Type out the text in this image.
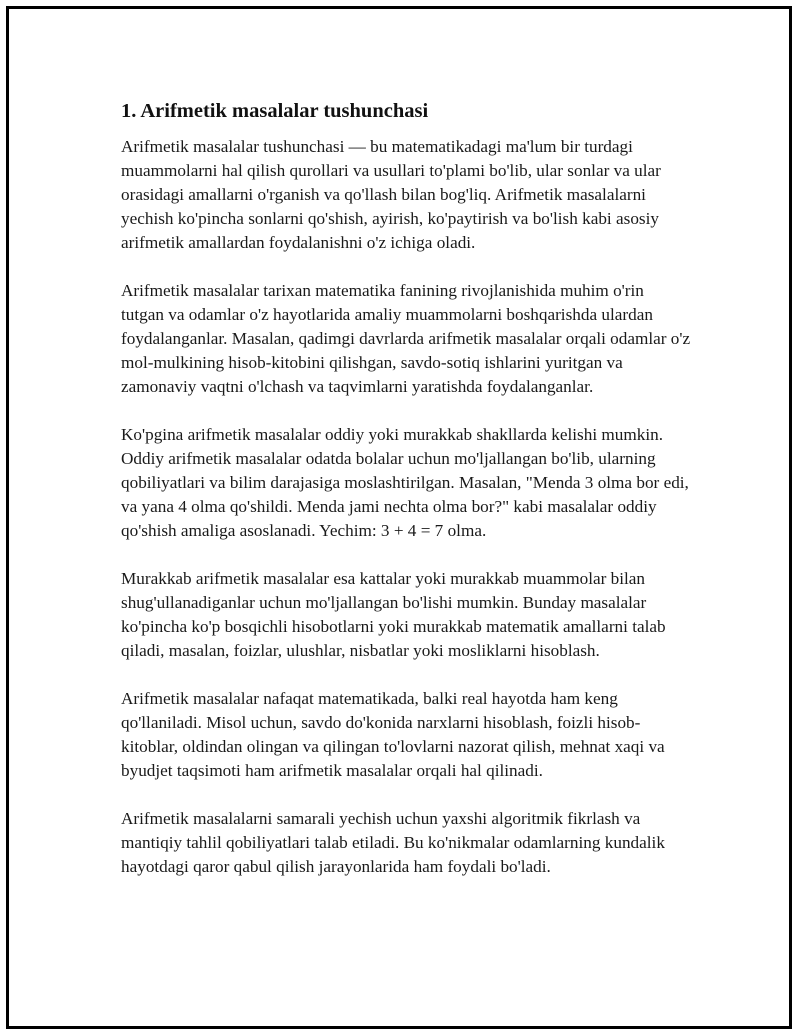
1. Arifmetik masalalar tushunchasi

Arifmetik masalalar tushunchasi — bu matematikadagi ma'lum bir turdagi muammolarni hal qilish qurollari va usullari to'plami bo'lib, ular sonlar va ular orasidagi amallarni o'rganish va qo'llash bilan bog'liq. Arifmetik masalalarni yechish ko'pincha sonlarni qo'shish, ayirish, ko'paytirish va bo'lish kabi asosiy arifmetik amallardan foydalanishni o'z ichiga oladi.

Arifmetik masalalar tarixan matematika fanining rivojlanishida muhim o'rin tutgan va odamlar o'z hayotlarida amaliy muammolarni boshqarishda ulardan foydalanganlar. Masalan, qadimgi davrlarda arifmetik masalalar orqali odamlar o'z mol-mulkining hisob-kitobini qilishgan, savdo-sotiq ishlarini yuritgan va zamonaviy vaqtni o'lchash va taqvimlarni yaratishda foydalanganlar.

Ko'pgina arifmetik masalalar oddiy yoki murakkab shakllarda kelishi mumkin. Oddiy arifmetik masalalar odatda bolalar uchun mo'ljallangan bo'lib, ularning qobiliyatlari va bilim darajasiga moslashtirilgan. Masalan, "Menda 3 olma bor edi, va yana 4 olma qo'shildi. Menda jami nechta olma bor?" kabi masalalar oddiy qo'shish amaliga asoslanadi. Yechim: 3 + 4 = 7 olma.

Murakkab arifmetik masalalar esa kattalar yoki murakkab muammolar bilan shug'ullanadiganlar uchun mo'ljallangan bo'lishi mumkin. Bunday masalalar ko'pincha ko'p bosqichli hisobotlarni yoki murakkab matematik amallarni talab qiladi, masalan, foizlar, ulushlar, nisbatlar yoki mosliklarni hisoblash.

Arifmetik masalalar nafaqat matematikada, balki real hayotda ham keng qo'llaniladi. Misol uchun, savdo do'konida narxlarni hisoblash, foizli hisob-kitoblar, oldindan olingan va qilingan to'lovlarni nazorat qilish, mehnat xaqi va byudjet taqsimoti ham arifmetik masalalar orqali hal qilinadi.

Arifmetik masalalarni samarali yechish uchun yaxshi algoritmik fikrlash va mantiqiy tahlil qobiliyatlari talab etiladi. Bu ko'nikmalar odamlarning kundalik hayotdagi qaror qabul qilish jarayonlarida ham foydali bo'ladi.
